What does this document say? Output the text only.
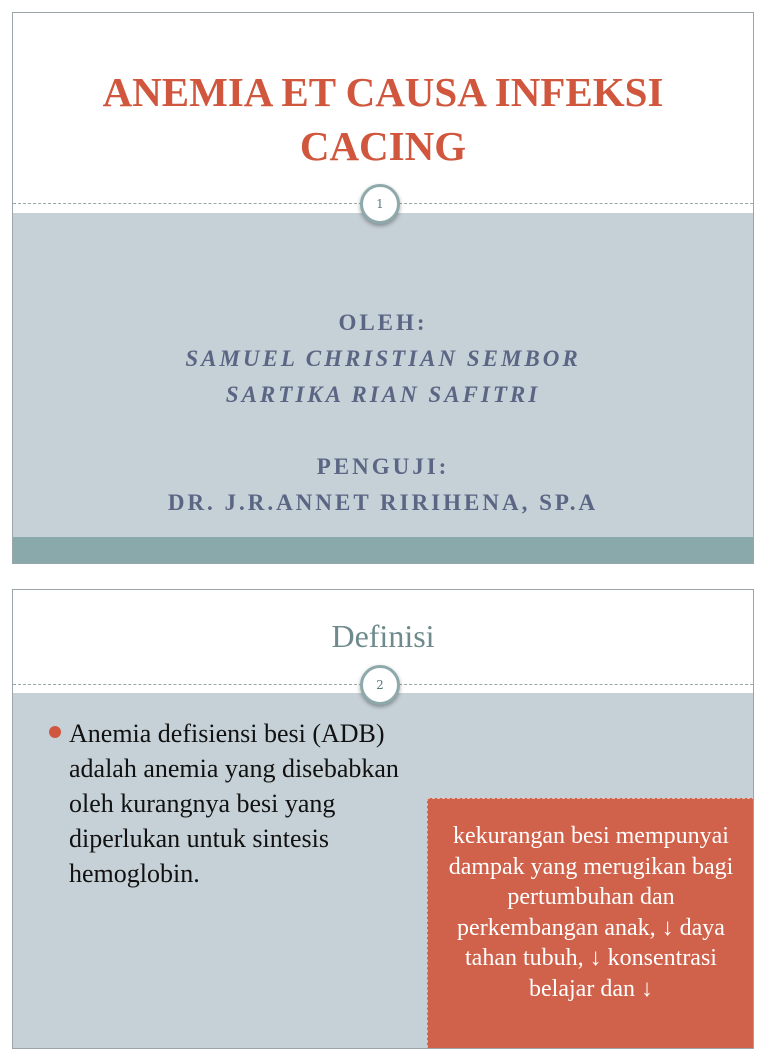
ANEMIA ET CAUSA INFEKSI CACING
OLEH:
SAMUEL CHRISTIAN SEMBOR
SARTIKA RIAN SAFITRI
PENGUJI:
DR. J.R.ANNET RIRIHENA, SP.A
1
Definisi
2
Anemia defisiensi besi (ADB) adalah anemia yang disebabkan oleh kurangnya besi yang diperlukan untuk sintesis hemoglobin.
kekurangan besi mempunyai dampak yang merugikan bagi pertumbuhan dan perkembangan anak, ↓ daya tahan tubuh, ↓ konsentrasi belajar dan ↓
